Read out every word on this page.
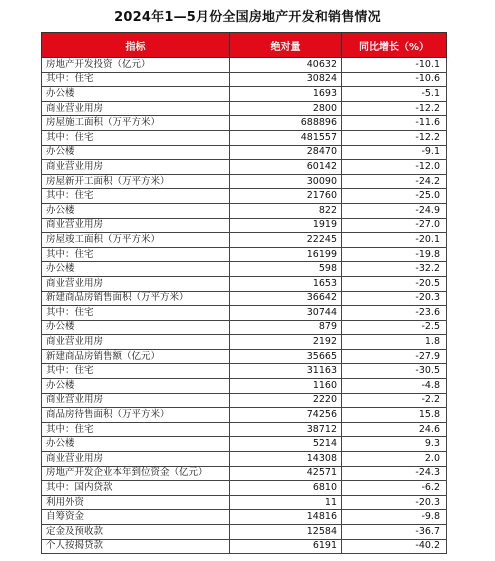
2024年1—5月份全国房地产开发和销售情况
指标	绝对量	同比增长（%）
房地产开发投资（亿元）	40632	-10.1
其中：住宅	30824	-10.6
办公楼	1693	-5.1
商业营业用房	2800	-12.2
房屋施工面积（万平方米）	688896	-11.6
其中：住宅	481557	-12.2
办公楼	28470	-9.1
商业营业用房	60142	-12.0
房屋新开工面积（万平方米）	30090	-24.2
其中：住宅	21760	-25.0
办公楼	822	-24.9
商业营业用房	1919	-27.0
房屋竣工面积（万平方米）	22245	-20.1
其中：住宅	16199	-19.8
办公楼	598	-32.2
商业营业用房	1653	-20.5
新建商品房销售面积（万平方米）	36642	-20.3
其中：住宅	30744	-23.6
办公楼	879	-2.5
商业营业用房	2192	1.8
新建商品房销售额（亿元）	35665	-27.9
其中：住宅	31163	-30.5
办公楼	1160	-4.8
商业营业用房	2220	-2.2
商品房待售面积（万平方米）	74256	15.8
其中：住宅	38712	24.6
办公楼	5214	9.3
商业营业用房	14308	2.0
房地产开发企业本年到位资金（亿元）	42571	-24.3
其中：国内贷款	6810	-6.2
利用外资	11	-20.3
自筹资金	14816	-9.8
定金及预收款	12584	-36.7
个人按揭贷款	6191	-40.2
